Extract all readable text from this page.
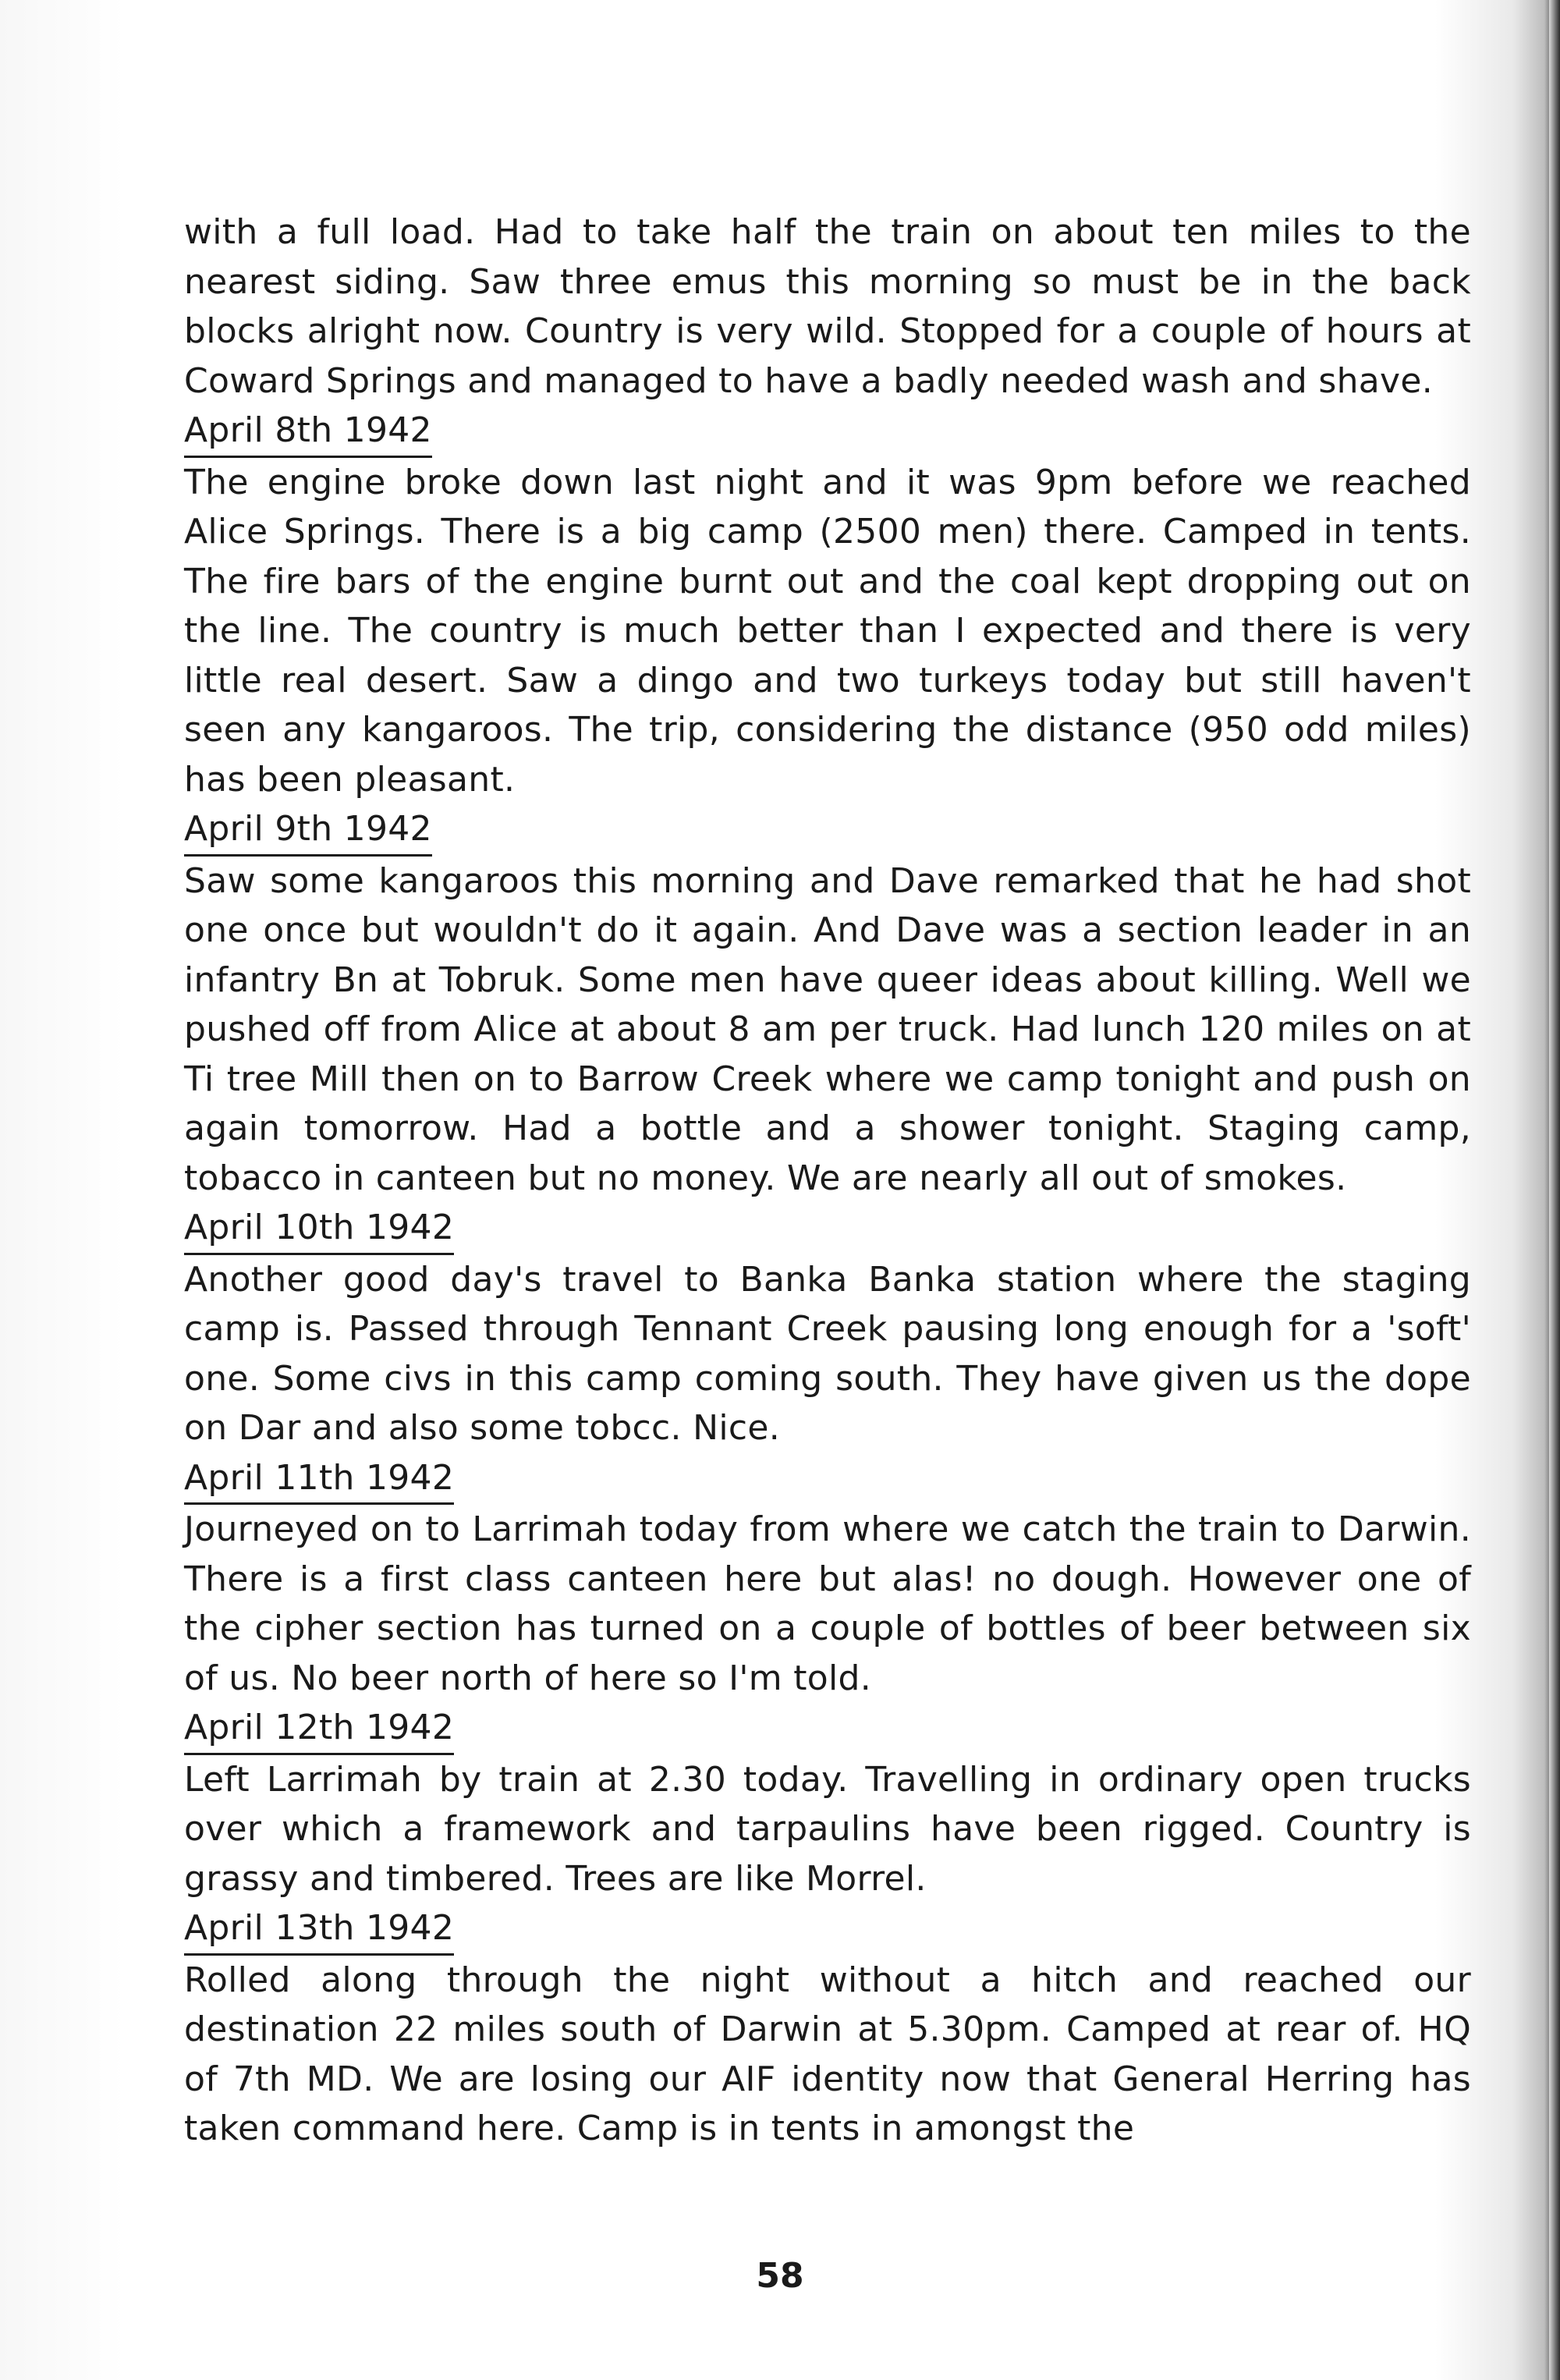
with a full load. Had to take half the train on about ten miles to the nearest siding. Saw three emus this morning so must be in the back blocks alright now. Country is very wild. Stopped for a couple of hours at Coward Springs and managed to have a badly needed wash and shave.

April 8th 1942

The engine broke down last night and it was 9pm before we reached Alice Springs. There is a big camp (2500 men) there. Camped in tents. The fire bars of the engine burnt out and the coal kept dropping out on the line. The country is much better than I expected and there is very little real desert. Saw a dingo and two turkeys today but still haven't seen any kangaroos. The trip, considering the distance (950 odd miles) has been pleasant.

April 9th 1942

Saw some kangaroos this morning and Dave remarked that he had shot one once but wouldn't do it again. And Dave was a section leader in an infantry Bn at Tobruk. Some men have queer ideas about killing. Well we pushed off from Alice at about 8 am per truck. Had lunch 120 miles on at Ti tree Mill then on to Barrow Creek where we camp tonight and push on again tomorrow. Had a bottle and a shower tonight. Staging camp, tobacco in canteen but no money. We are nearly all out of smokes.

April 10th 1942

Another good day's travel to Banka Banka station where the staging camp is. Passed through Tennant Creek pausing long enough for a 'soft' one. Some civs in this camp coming south. They have given us the dope on Dar and also some tobcc. Nice.

April 11th 1942

Journeyed on to Larrimah today from where we catch the train to Darwin. There is a first class canteen here but alas! no dough. However one of the cipher section has turned on a couple of bottles of beer between six of us. No beer north of here so I'm told.

April 12th 1942

Left Larrimah by train at 2.30 today. Travelling in ordinary open trucks over which a framework and tarpaulins have been rigged. Country is grassy and timbered. Trees are like Morrel.

April 13th 1942

Rolled along through the night without a hitch and reached our destination 22 miles south of Darwin at 5.30pm. Camped at rear of. HQ of 7th MD. We are losing our AIF identity now that General Herring has taken command here. Camp is in tents in amongst the

58
